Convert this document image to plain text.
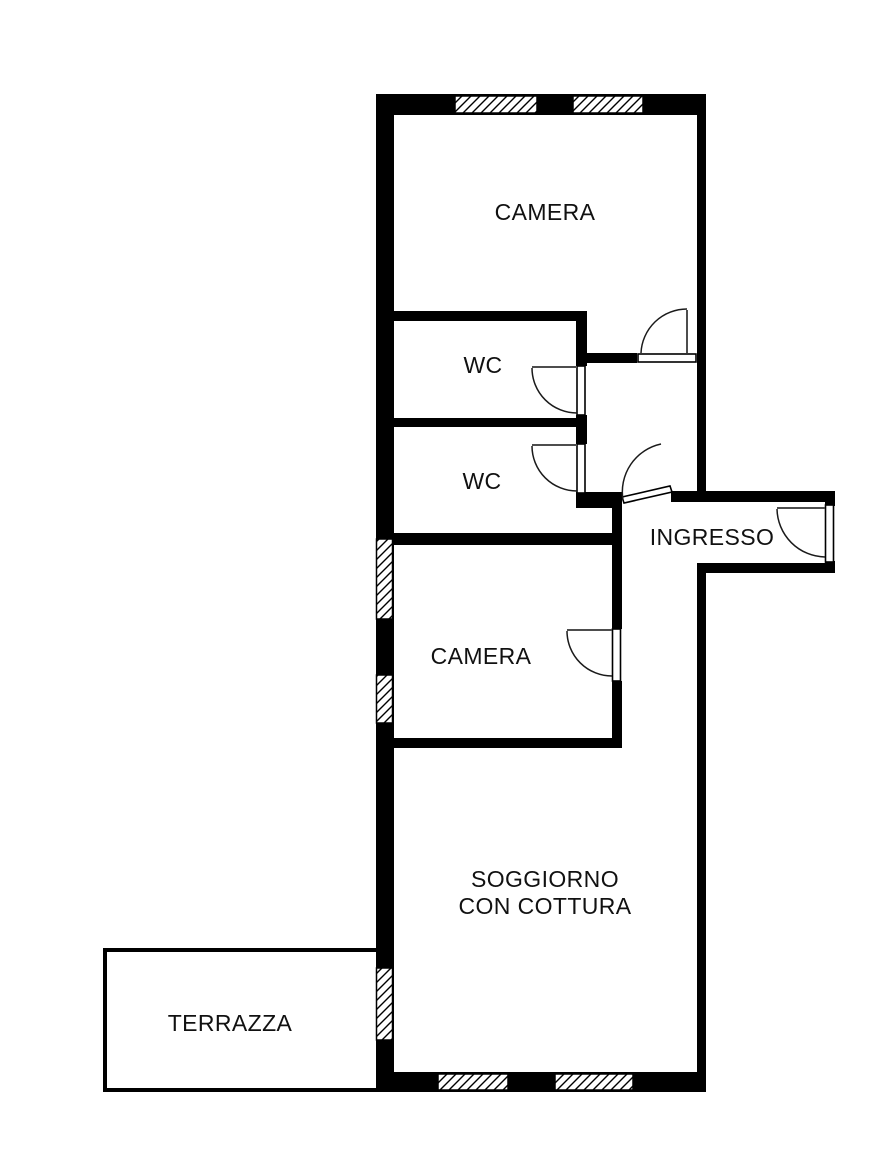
CAMERA
WC
WC
INGRESSO
CAMERA
SOGGIORNO
CON COTTURA
TERRAZZA
